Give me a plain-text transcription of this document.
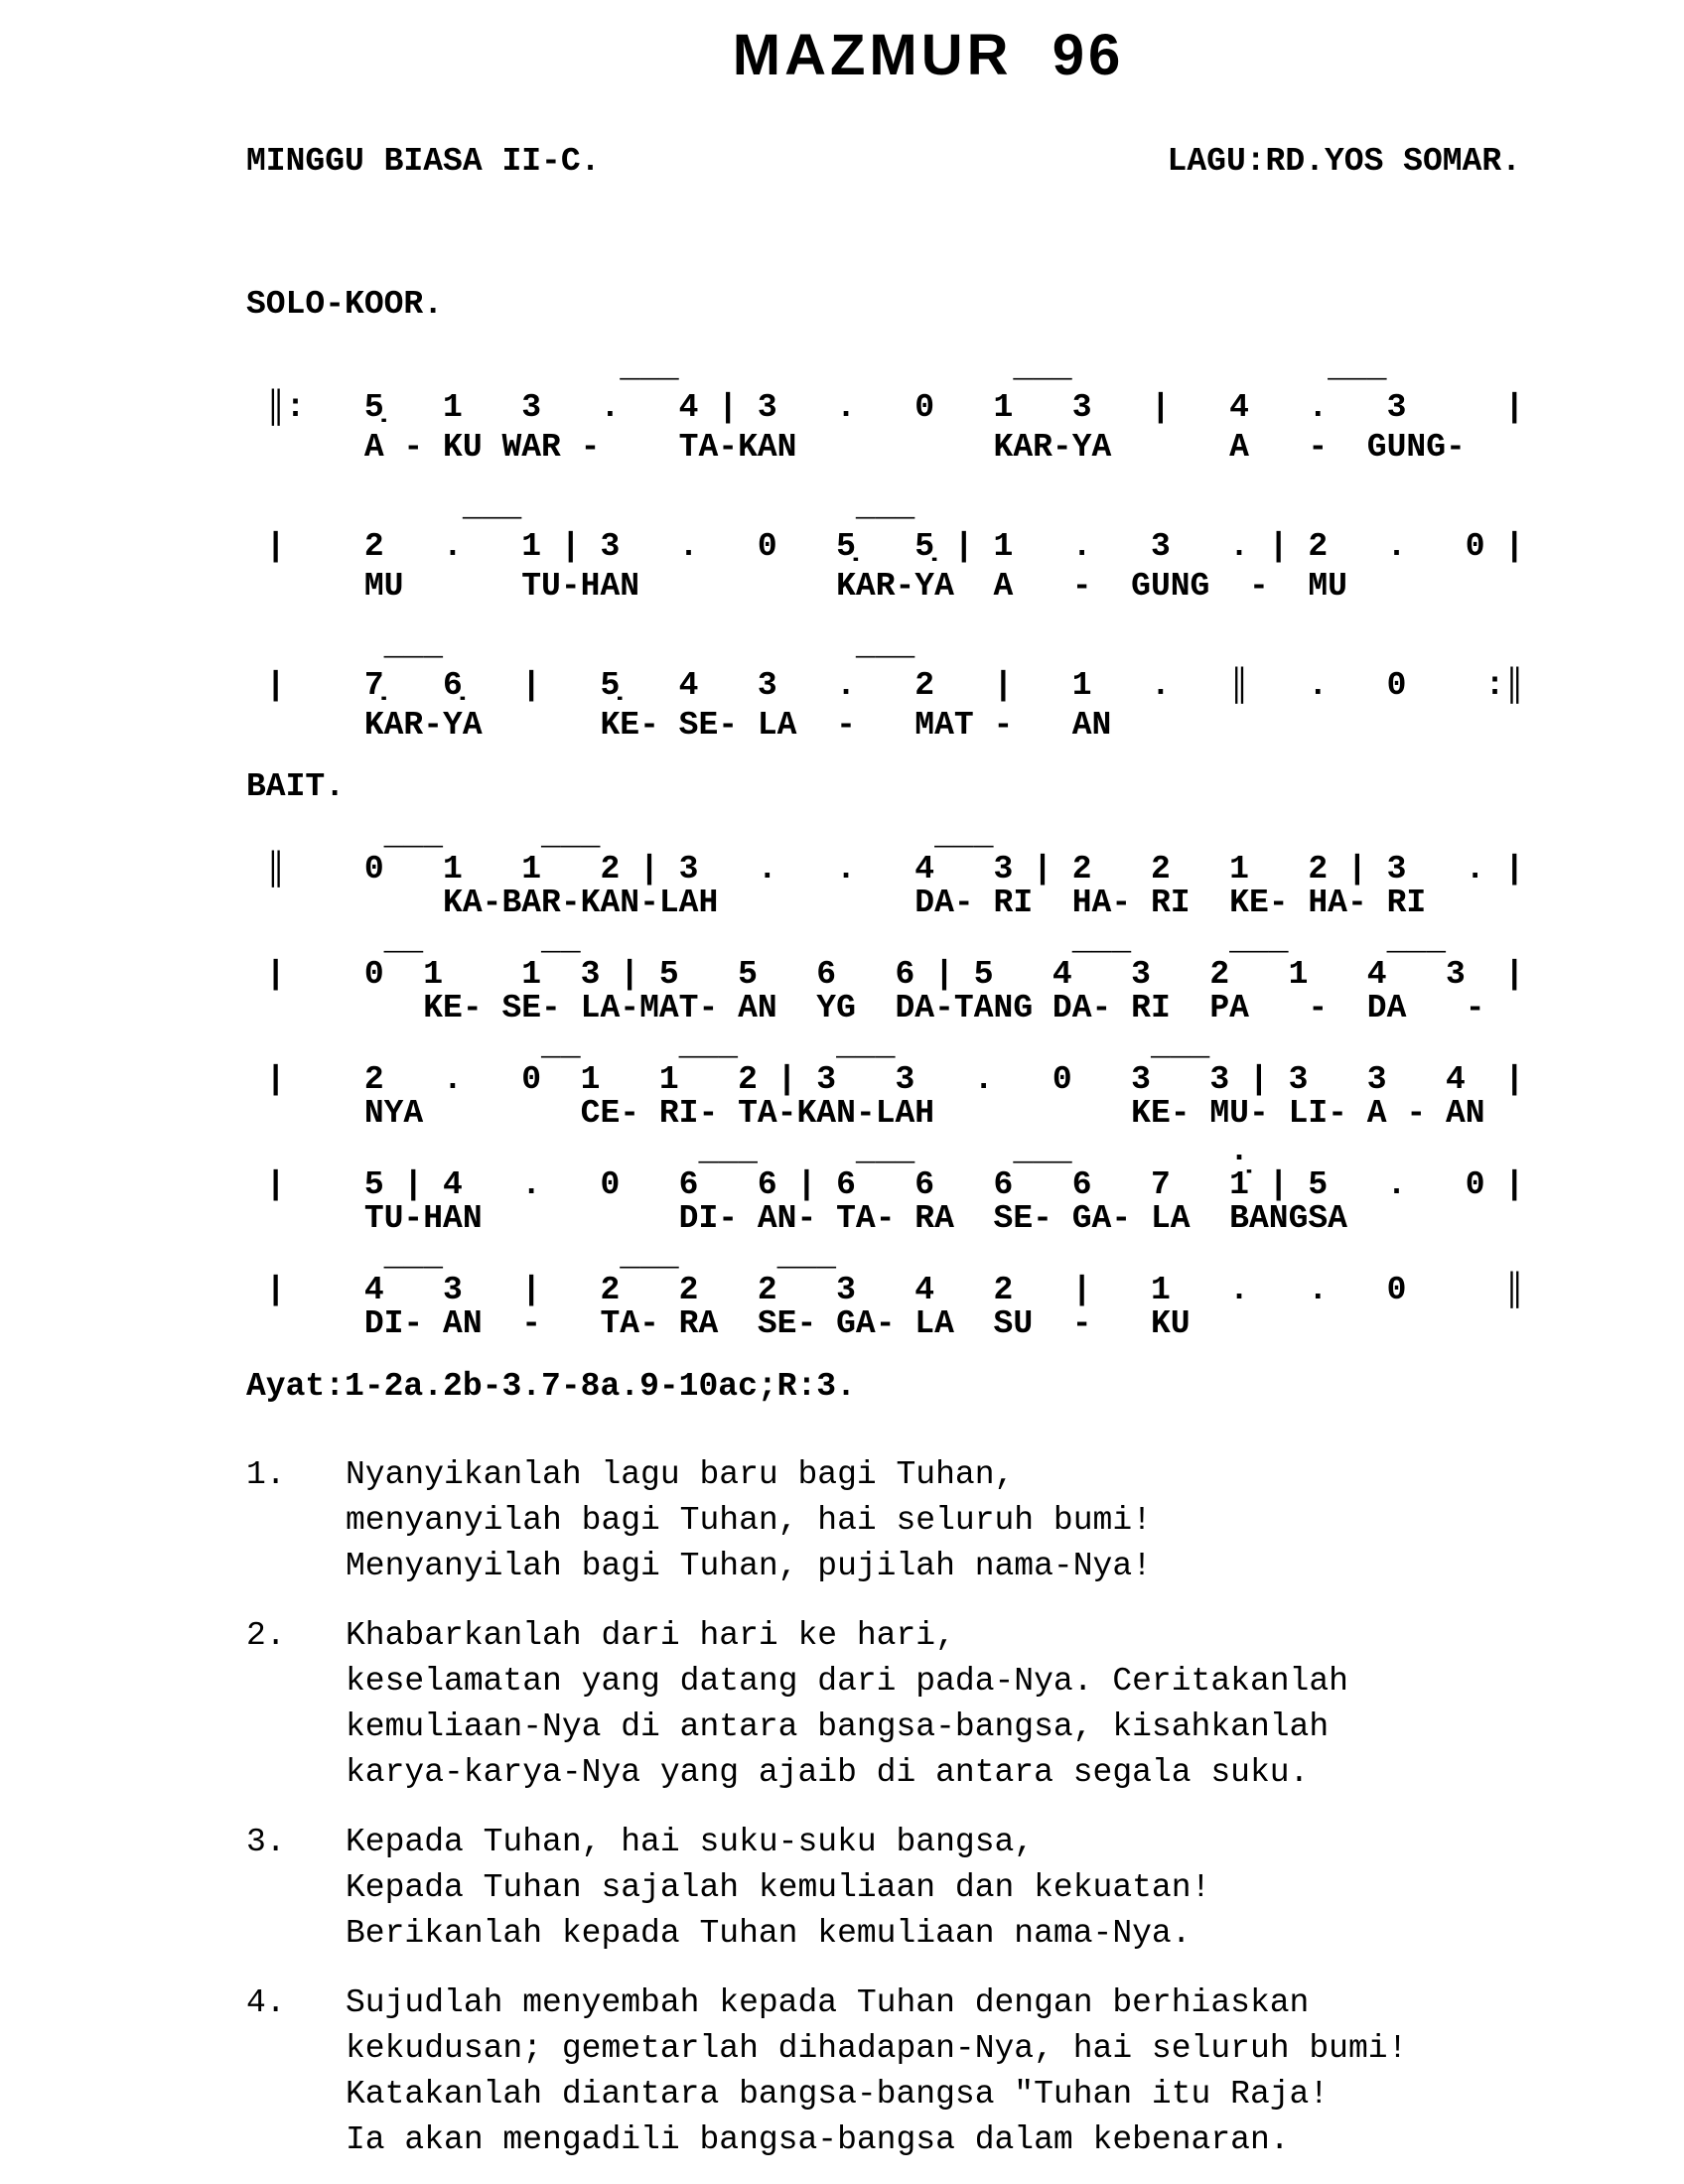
MAZMUR  96
MINGGU BIASA II-C.	LAGU:RD.YOS SOMAR.
SOLO-KOOR.
___                 ___             ___
║:   5̣   1   3   .   4 | 3   .   0   1   3   |   4   .   3     |
A - KU WAR -    TA-KAN          KAR-YA      A   -  GUNG-
___                 ___
|    2   .   1 | 3   .   0   5̣   5̣ | 1   .   3   . | 2   .   0 |
MU      TU-HAN          KAR-YA  A   -  GUNG  -  MU
___                     ___
|    7̣   6̣   |   5̣   4   3   .   2   |   1   .   ║   .   0    :║
KAR-YA      KE- SE- LA  -   MAT -   AN
BAIT.
___     ___                 ___
║    0   1   1   2 | 3   .   .   4   3 | 2   2   1   2 | 3   . |
KA-BAR-KAN-LAH          DA- RI  HA- RI  KE- HA- RI
__      __                         ___     ___     ___
|    0  1    1  3 | 5   5   6   6 | 5   4   3   2   1   4   3  |
KE- SE- LA-MAT- AN  YG  DA-TANG DA- RI  PA   -  DA   -
__     ___     ___             ___
|    2   .   0  1   1   2 | 3   3   .   0   3   3 | 3   3   4  |
NYA        CE- RI- TA-KAN-LAH          KE- MU- LI- A - AN
___     ___     ___        .
|    5 | 4   .   0   6   6 | 6   6   6   6   7   1̇ | 5   .   0 |
TU-HAN          DI- AN- TA- RA  SE- GA- LA  BANGSA
___         ___     ___
|    4   3   |   2   2   2   3   4   2   |   1   .   .   0     ║
DI- AN  -   TA- RA  SE- GA- LA  SU  -   KU
Ayat:1-2a.2b-3.7-8a.9-10ac;R:3.
1.	Nyanyikanlah lagu baru bagi Tuhan,
menyanyilah bagi Tuhan, hai seluruh bumi!
Menyanyilah bagi Tuhan, pujilah nama-Nya!
2.	Khabarkanlah dari hari ke hari,
keselamatan yang datang dari pada-Nya. Ceritakanlah
kemuliaan-Nya di antara bangsa-bangsa, kisahkanlah
karya-karya-Nya yang ajaib di antara segala suku.
3.	Kepada Tuhan, hai suku-suku bangsa,
Kepada Tuhan sajalah kemuliaan dan kekuatan!
Berikanlah kepada Tuhan kemuliaan nama-Nya.
4.	Sujudlah menyembah kepada Tuhan dengan berhiaskan
kekudusan; gemetarlah dihadapan-Nya, hai seluruh bumi!
Katakanlah diantara bangsa-bangsa "Tuhan itu Raja!
Ia akan mengadili bangsa-bangsa dalam kebenaran.
